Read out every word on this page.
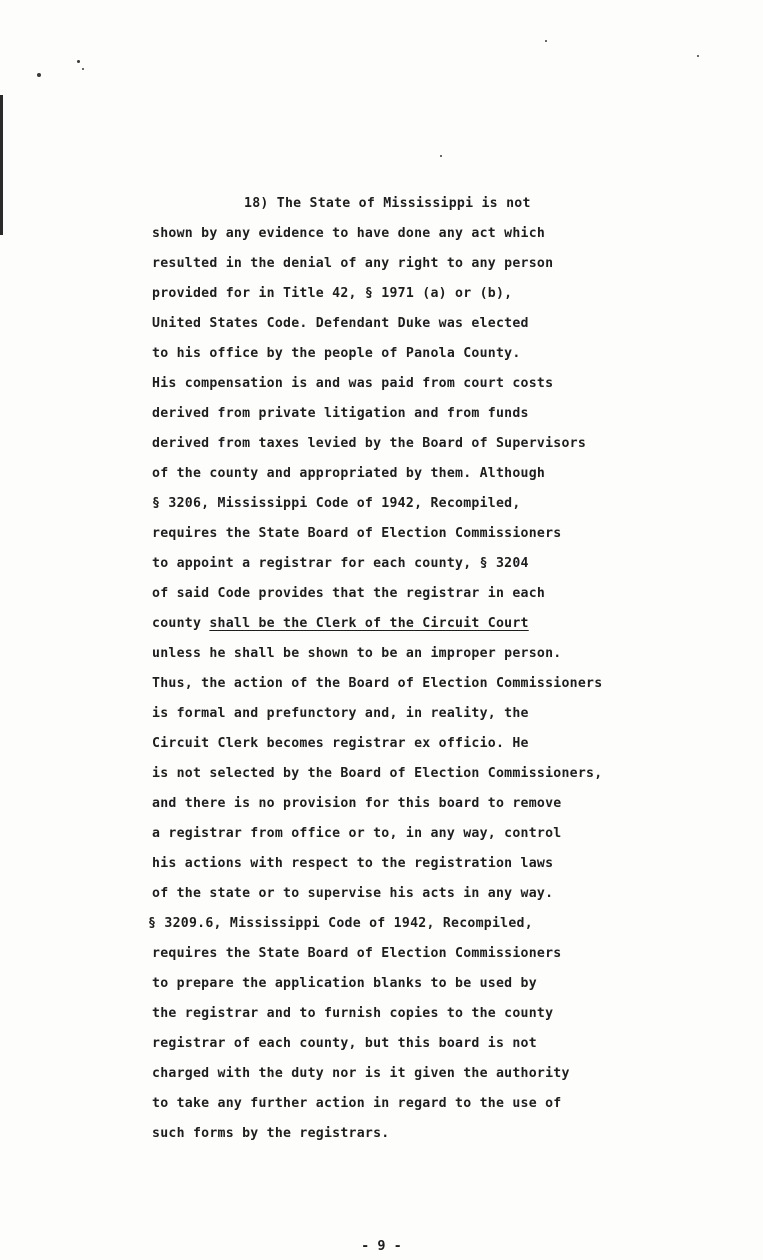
18) The State of Mississippi is not
shown by any evidence to have done any act which
resulted in the denial of any right to any person
provided for in Title 42, § 1971 (a) or (b),
United States Code. Defendant Duke was elected
to his office by the people of Panola County.
His compensation is and was paid from court costs
derived from private litigation and from funds
derived from taxes levied by the Board of Supervisors
of the county and appropriated by them. Although
§ 3206, Mississippi Code of 1942, Recompiled,
requires the State Board of Election Commissioners
to appoint a registrar for each county, § 3204
of said Code provides that the registrar in each
county shall be the Clerk of the Circuit Court
unless he shall be shown to be an improper person.
Thus, the action of the Board of Election Commissioners
is formal and prefunctory and, in reality, the
Circuit Clerk becomes registrar ex officio. He
is not selected by the Board of Election Commissioners,
and there is no provision for this board to remove
a registrar from office or to, in any way, control
his actions with respect to the registration laws
of the state or to supervise his acts in any way.
§ 3209.6, Mississippi Code of 1942, Recompiled,
requires the State Board of Election Commissioners
to prepare the application blanks to be used by
the registrar and to furnish copies to the county
registrar of each county, but this board is not
charged with the duty nor is it given the authority
to take any further action in regard to the use of
such forms by the registrars.
- 9 -
